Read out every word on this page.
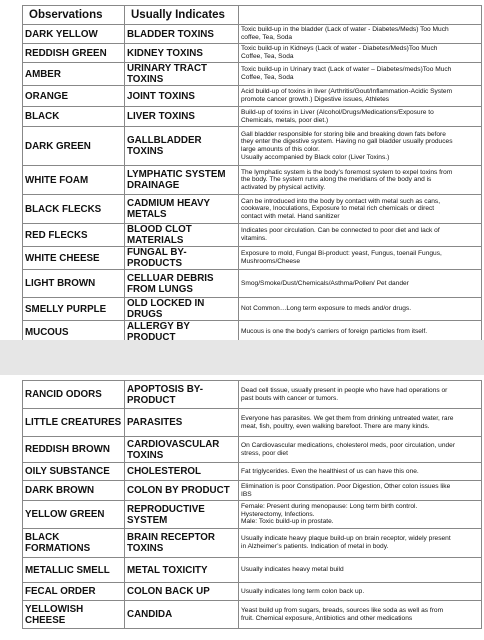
Observations	Usually Indicates	
DARK YELLOW	BLADDER TOXINS	Toxic build-up in the bladder (Lack of water - Diabetes/Meds) Too Much
coffee, Tea, Soda

REDDISH GREEN	KIDNEY TOXINS	Toxic build-up in Kidneys (Lack of water - Diabetes/Meds)Too Much
Coffee, Tea, Soda

AMBER	URINARY TRACT TOXINS	Toxic build-up in Urinary tract (Lack of water – Diabetes/meds)Too Much
Coffee, Tea, Soda

ORANGE	JOINT TOXINS	Acid build-up of toxins in liver (Arthritis/Gout/Inflammation-Acidic System
promote cancer growth.) Digestive issues, Athletes

BLACK	LIVER TOXINS	Build-up of toxins in Liver (Alcohol/Drugs/Medications/Exposure to
Chemicals, metals, poor diet.)

DARK GREEN	GALLBLADDER TOXINS	Gall bladder responsible for storing bile and breaking down fats before
they enter the digestive system. Having no gall bladder usually produces
large amounts of this color.
Usually accompanied by Black color (Liver Toxins.)

WHITE FOAM	LYMPHATIC SYSTEM DRAINAGE	The lymphatic system is the body’s foremost system to expel toxins from
the body. The system runs along the meridians of the body and is
activated by physical activity.

BLACK FLECKS	CADMIUM HEAVY METALS	Can be introduced into the body by contact with metal such as cans,
cookware, Inoculations, Exposure to metal rich chemicals or direct
contact with metal. Hand sanitizer

RED FLECKS	BLOOD CLOT MATERIALS	Indicates poor circulation. Can be connected to poor diet and lack of
vitamins.

WHITE CHEESE	FUNGAL BY-PRODUCTS	Exposure to mold, Fungal Bi-product: yeast, Fungus, toenail Fungus,
Mushrooms/Cheese

LIGHT BROWN	CELLUAR DEBRIS FROM LUNGS	Smog/Smoke/Dust/Chemicals/Asthma/Pollen/ Pet dander

SMELLY PURPLE	OLD LOCKED IN DRUGS	Not Common…Long term exposure to meds and/or drugs.

MUCOUS	ALLERGY BY PRODUCT	Mucous is one the body’s carriers of foreign particles from itself.
RANCID ODORS	APOPTOSIS BY-PRODUCT	Dead cell tissue, usually present in people who have had operations or
past bouts with cancer or tumors.

LITTLE CREATURES	PARASITES	Everyone has parasites. We get them from drinking untreated water, rare
meat, fish, poultry, even walking barefoot. There are many kinds.

REDDISH BROWN	CARDIOVASCULAR TOXINS	On Cardiovascular medications, cholesterol meds, poor circulation, under
stress, poor diet

OILY SUBSTANCE	CHOLESTEROL	Fat triglycerides. Even the healthiest of us can have this one.

DARK BROWN	COLON BY PRODUCT	Elimination is poor Constipation. Poor Digestion, Other colon issues like
IBS

YELLOW GREEN	REPRODUCTIVE SYSTEM	Female: Present during menopause: Long term birth control.
Hysterectomy, Infections.
Male: Toxic build-up in prostate.

BLACK FORMATIONS	BRAIN RECEPTOR TOXINS	Usually indicate heavy plaque build-up on brain receptor, widely present
in Alzheimer’s patients. Indication of metal in body.

METALLIC SMELL	METAL TOXICITY	Usually indicates heavy metal build

FECAL ORDER	COLON BACK UP	Usually indicates long term colon back up.

YELLOWISH CHEESE	CANDIDA	Yeast build up from sugars, breads, sources like soda as well as from
fruit. Chemical exposure, Antibiotics and other medications
